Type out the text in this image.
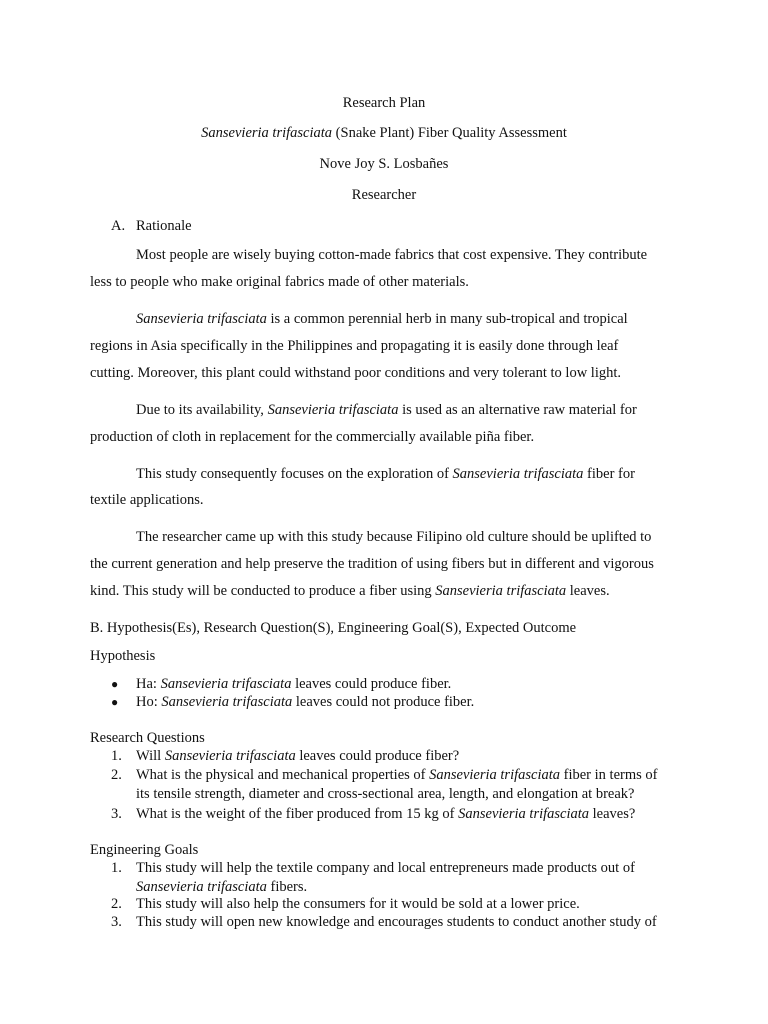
Research Plan
Sansevieria trifasciata (Snake Plant) Fiber Quality Assessment
Nove Joy S. Losbañes
Researcher
A. Rationale
Most people are wisely buying cotton-made fabrics that cost expensive. They contribute
less to people who make original fabrics made of other materials.
Sansevieria trifasciata is a common perennial herb in many sub-tropical and tropical
regions in Asia specifically in the Philippines and propagating it is easily done through leaf
cutting. Moreover, this plant could withstand poor conditions and very tolerant to low light.
Due to its availability, Sansevieria trifasciata is used as an alternative raw material for
production of cloth in replacement for the commercially available piña fiber.
This study consequently focuses on the exploration of Sansevieria trifasciata fiber for
textile applications.
The researcher came up with this study because Filipino old culture should be uplifted to
the current generation and help preserve the tradition of using fibers but in different and vigorous
kind. This study will be conducted to produce a fiber using Sansevieria trifasciata leaves.
B. Hypothesis(Es), Research Question(S), Engineering Goal(S), Expected Outcome
Hypothesis
● Ha: Sansevieria trifasciata leaves could produce fiber.
● Ho: Sansevieria trifasciata leaves could not produce fiber.
Research Questions
1. Will Sansevieria trifasciata leaves could produce fiber?
2. What is the physical and mechanical properties of Sansevieria trifasciata fiber in terms of
its tensile strength, diameter and cross-sectional area, length, and elongation at break?
3. What is the weight of the fiber produced from 15 kg of Sansevieria trifasciata leaves?
Engineering Goals
1. This study will help the textile company and local entrepreneurs made products out of
Sansevieria trifasciata fibers.
2. This study will also help the consumers for it would be sold at a lower price.
3. This study will open new knowledge and encourages students to conduct another study of
